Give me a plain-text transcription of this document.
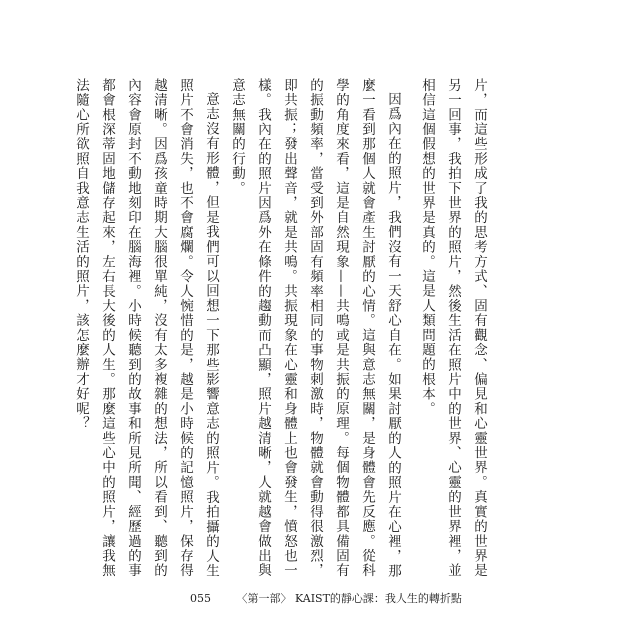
片，而這些形成了我的思考方式、固有觀念、偏見和心靈世界。真實的世界是另一回事，我拍下世界的照片，然後生活在照片中的世界、心靈的世界裡，並相信這個假想的世界是真的。這是人類問題的根本。

因爲內在的照片，我們沒有一天舒心自在。如果討厭的人的照片在心裡，那麼一看到那個人就會產生討厭的心情。這與意志無關，是身體會先反應。從科學的角度來看，這是自然現象——共鳴或是共振的原理。每個物體都具備固有的振動頻率，當受到外部固有頻率相同的事物刺激時，物體就會動得很激烈，即共振；發出聲音，就是共鳴。共振現象在心靈和身體上也會發生，憤怒也一樣。我內在的照片因爲外在條件的趨動而凸顯，照片越清晰，人就越會做出與意志無關的行動。

意志沒有形體，但是我們可以回想一下那些影響意志的照片。我拍攝的人生照片不會消失，也不會腐爛。令人惋惜的是，越是小時候的記憶照片，保存得越清晰。因爲孩童時期大腦很單純，沒有太多複雜的想法，所以看到、聽到的內容會原封不動地刻印在腦海裡。小時候聽到的故事和所見所聞、經歷過的事都會根深蒂固地儲存起來，左右長大後的人生。那麼這些心中的照片，讓我無法隨心所欲照自我意志生活的照片，該怎麼辦才好呢？

055 〈第一部〉 KAIST的靜心課：我人生的轉折點
